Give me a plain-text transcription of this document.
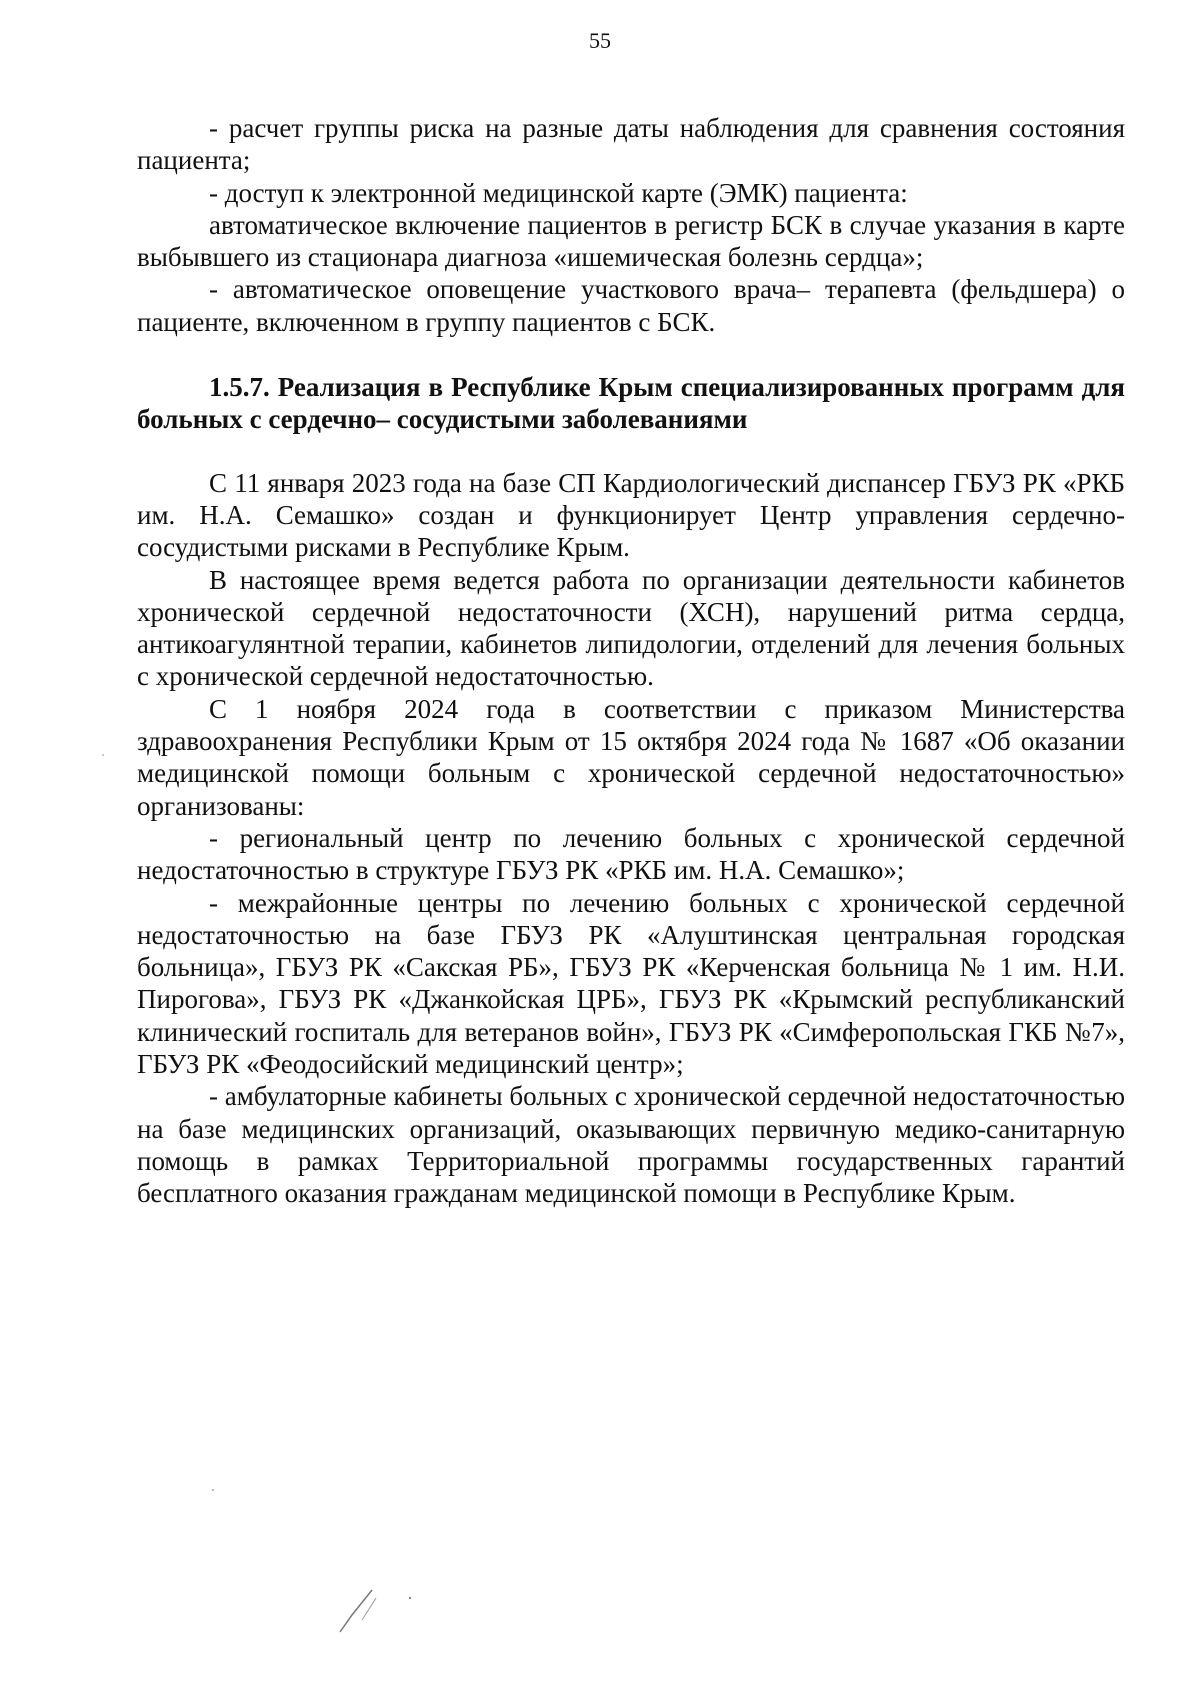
55

- расчет группы риска на разные даты наблюдения для сравнения состояния пациента;

- доступ к электронной медицинской карте (ЭМК) пациента:

автоматическое включение пациентов в регистр БСК в случае указания в карте выбывшего из стационара диагноза «ишемическая болезнь сердца»;

- автоматическое оповещение участкового врача– терапевта (фельдшера) о пациенте, включенном в группу пациентов с БСК.

1.5.7. Реализация в Республике Крым специализированных программ для больных с сердечно– сосудистыми заболеваниями

С 11 января 2023 года на базе СП Кардиологический диспансер ГБУЗ РК «РКБ им. Н.А. Семашко» создан и функционирует Центр управления сердечно-сосудистыми рисками в Республике Крым.

В настоящее время ведется работа по организации деятельности кабинетов хронической сердечной недостаточности (ХСН), нарушений ритма сердца, антикоагулянтной терапии, кабинетов липидологии, отделений для лечения больных с хронической сердечной недостаточностью.

С 1 ноября 2024 года в соответствии с приказом Министерства здравоохранения Республики Крым от 15 октября 2024 года № 1687 «Об оказании медицинской помощи больным с хронической сердечной недостаточностью» организованы:

- региональный центр по лечению больных с хронической сердечной недостаточностью в структуре ГБУЗ РК «РКБ им. Н.А. Семашко»;

- межрайонные центры по лечению больных с хронической сердечной недостаточностью на базе ГБУЗ РК «Алуштинская центральная городская больница», ГБУЗ РК «Сакская РБ», ГБУЗ РК «Керченская больница № 1 им. Н.И. Пирогова», ГБУЗ РК «Джанкойская ЦРБ», ГБУЗ РК «Крымский республиканский клинический госпиталь для ветеранов войн», ГБУЗ РК «Симферопольская ГКБ №7», ГБУЗ РК «Феодосийский медицинский центр»;

- амбулаторные кабинеты больных с хронической сердечной недостаточностью на базе медицинских организаций, оказывающих первичную медико-санитарную помощь в рамках Территориальной программы государственных гарантий бесплатного оказания гражданам медицинской помощи в Республике Крым.
